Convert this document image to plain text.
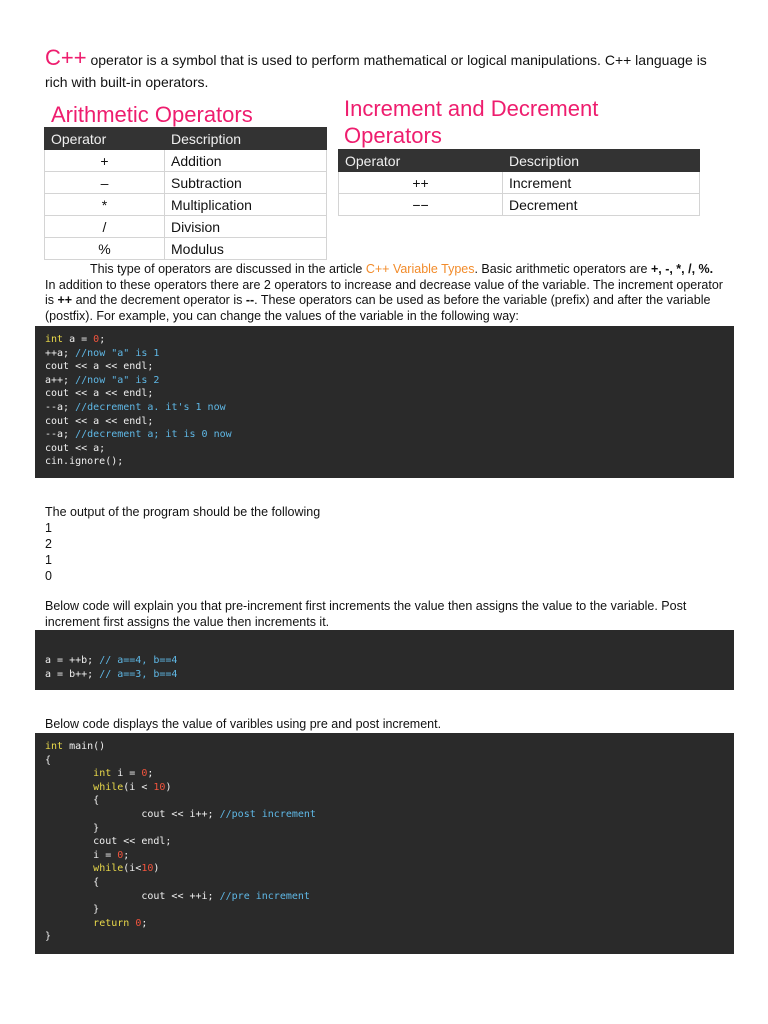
C++ operator is a symbol that is used to perform mathematical or logical manipulations. C++ language is rich with built-in operators.
Arithmetic Operators
Operator	Description
+	Addition
–	Subtraction
*	Multiplication
/	Division
%	Modulus
Increment and Decrement
Operators
Operator	Description
++	Increment
−−	Decrement
This type of operators are discussed in the article C++ Variable Types. Basic arithmetic operators are +, -, *, /, %. In addition to these operators there are 2 operators to increase and decrease value of the variable. The increment operator is ++ and the decrement operator is --. These operators can be used as before the variable (prefix) and after the variable (postfix). For example, you can change the values of the variable in the following way:
int a = 0;
++a; //now "a" is 1
cout << a << endl;
a++; //now "a" is 2
cout << a << endl;
--a; //decrement a. it's 1 now
cout << a << endl;
--a; //decrement a; it is 0 now
cout << a;
cin.ignore();
The output of the program should be the following
1
2
1
0
Below code will explain you that pre-increment first increments the value then assigns the value to the variable. Post increment first assigns the value then increments it.
a = ++b; // a==4, b==4
a = b++; // a==3, b==4
Below code displays the value of varibles using pre and post increment.
int main()
{
int i = 0;
while(i < 10)
{
cout << i++; //post increment
}
cout << endl;
i = 0;
while(i<10)
{
cout << ++i; //pre increment
}
return 0;
}
